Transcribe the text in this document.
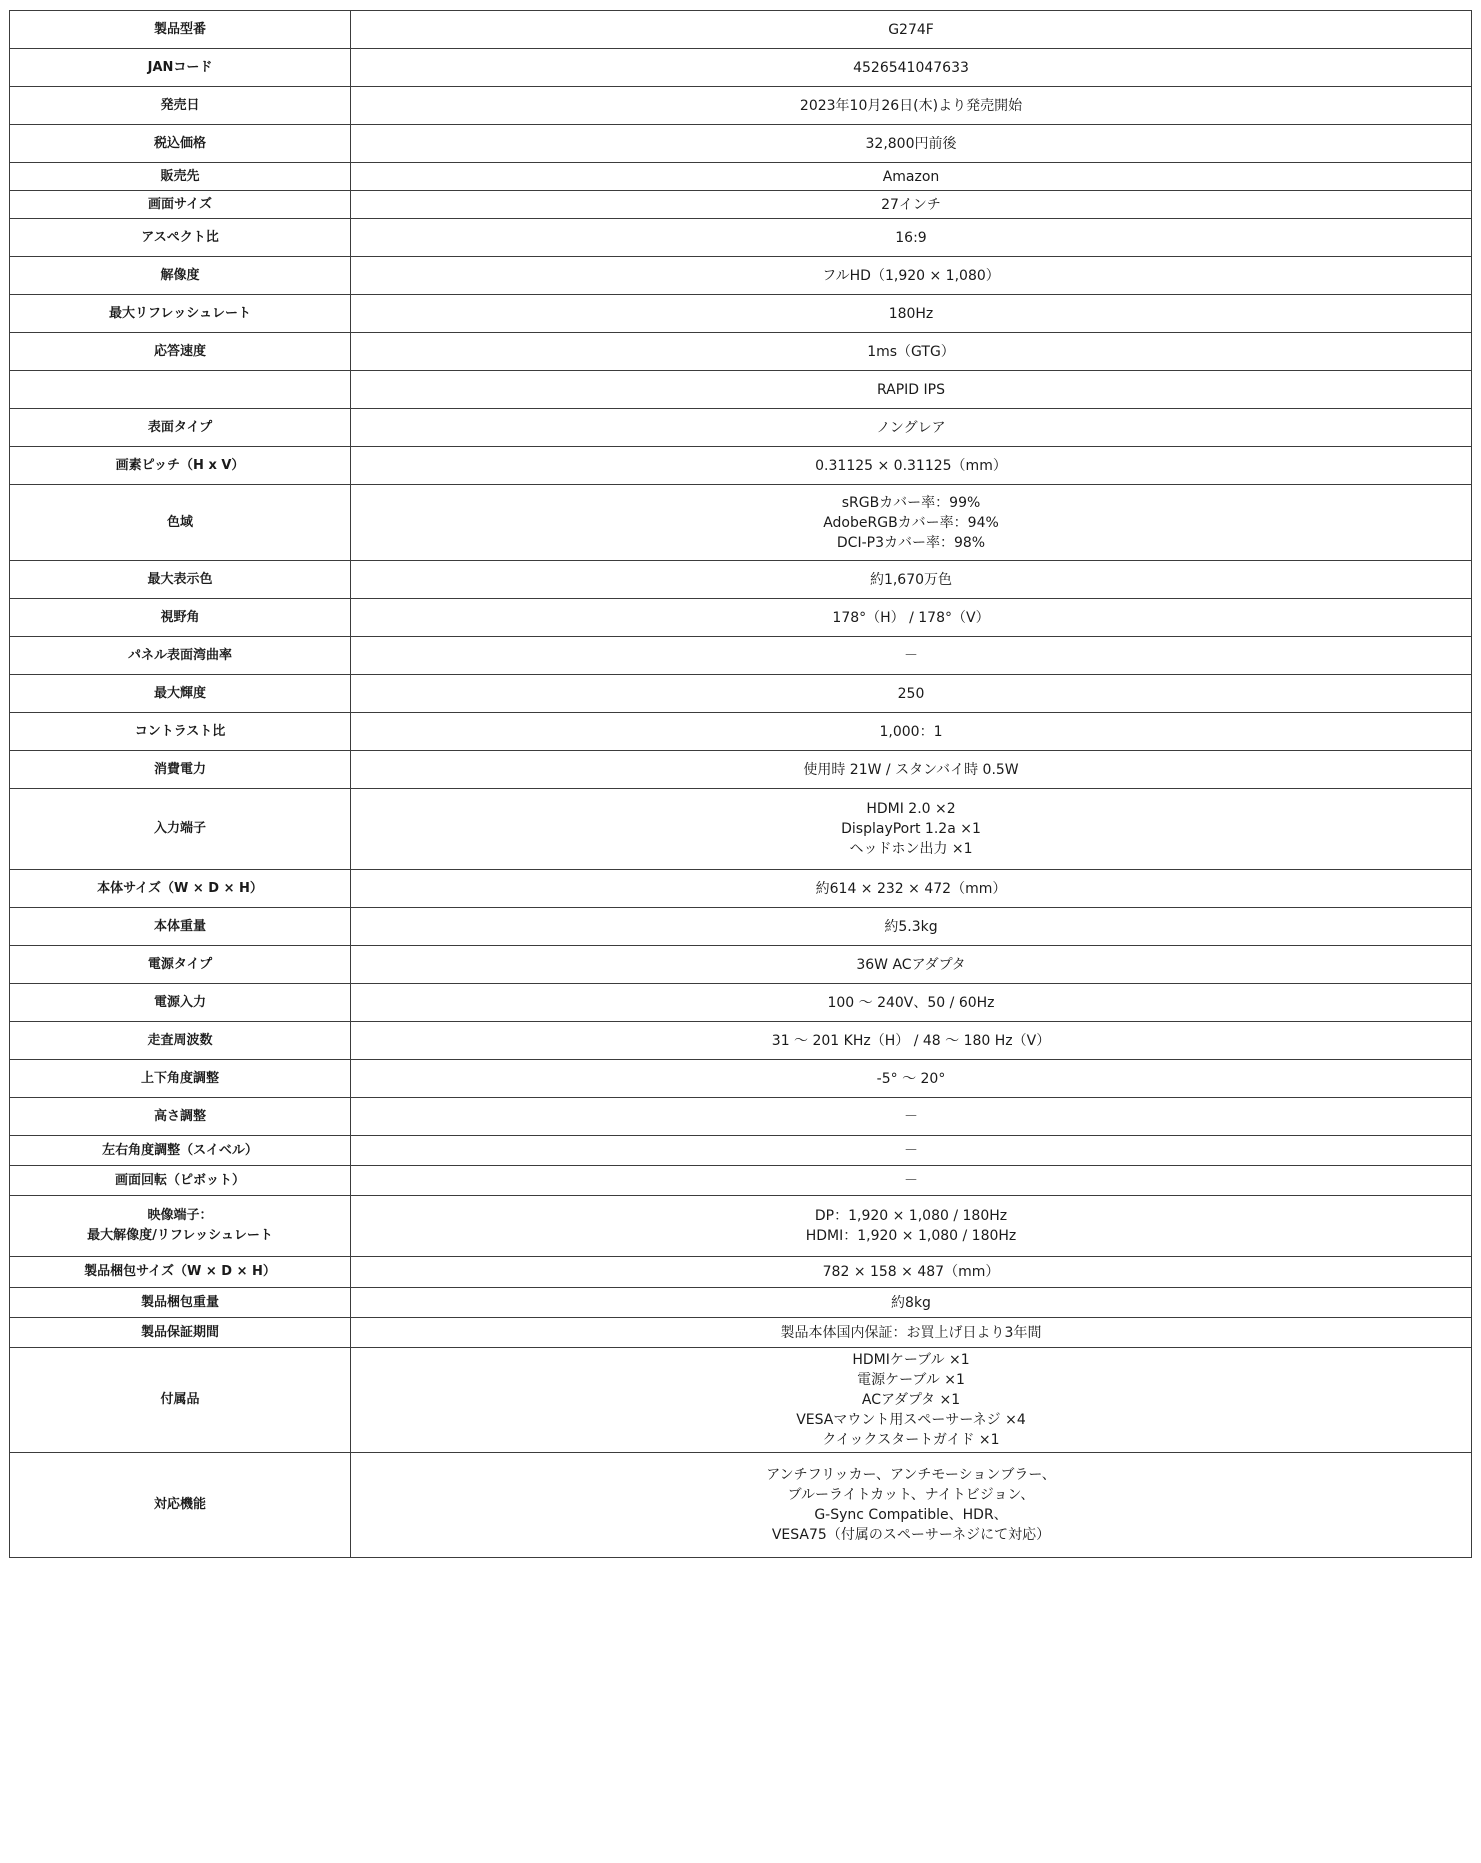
製品型番	G274F

JANコード	4526541047633

発売日	2023年10月26日(木)より発売開始

税込価格	32,800円前後

販売先	Amazon

画面サイズ	27インチ

アスペクト比	16:9

解像度	フルHD（1,920 × 1,080）

最大リフレッシュレート	180Hz

応答速度	1ms（GTG）

	RAPID IPS

表面タイプ	ノングレア

画素ピッチ（H x V）	0.31125 × 0.31125（mm）

色域	sRGBカバー率：99%
AdobeRGBカバー率：94%
DCI-P3カバー率：98%

最大表示色	約1,670万色

視野角	178°（H） / 178°（V）

パネル表面湾曲率	－

最大輝度	250

コントラスト比	1,000：1

消費電力	使用時 21W / スタンバイ時 0.5W

入力端子	HDMI 2.0 ×2
DisplayPort 1.2a ×1
ヘッドホン出力 ×1

本体サイズ（W × D × H）	約614 × 232 × 472（mm）

本体重量	約5.3kg

電源タイプ	36W ACアダプタ

電源入力	100 ～ 240V、50 / 60Hz

走査周波数	31 ～ 201 KHz（H） / 48 ～ 180 Hz（V）

上下角度調整	-5° ～ 20°

高さ調整	－

左右角度調整（スイベル）	－

画面回転（ピボット）	－

映像端子：
最大解像度/リフレッシュレート	DP：1,920 × 1,080 / 180Hz
HDMI：1,920 × 1,080 / 180Hz

製品梱包サイズ（W × D × H）	782 × 158 × 487（mm）

製品梱包重量	約8kg

製品保証期間	製品本体国内保証：お買上げ日より3年間

付属品	HDMIケーブル ×1
電源ケーブル ×1
ACアダプタ ×1
VESAマウント用スペーサーネジ ×4
クイックスタートガイド ×1

対応機能	アンチフリッカー、アンチモーションブラー、
ブルーライトカット、ナイトビジョン、
G-Sync Compatible、HDR、
VESA75（付属のスペーサーネジにて対応）
